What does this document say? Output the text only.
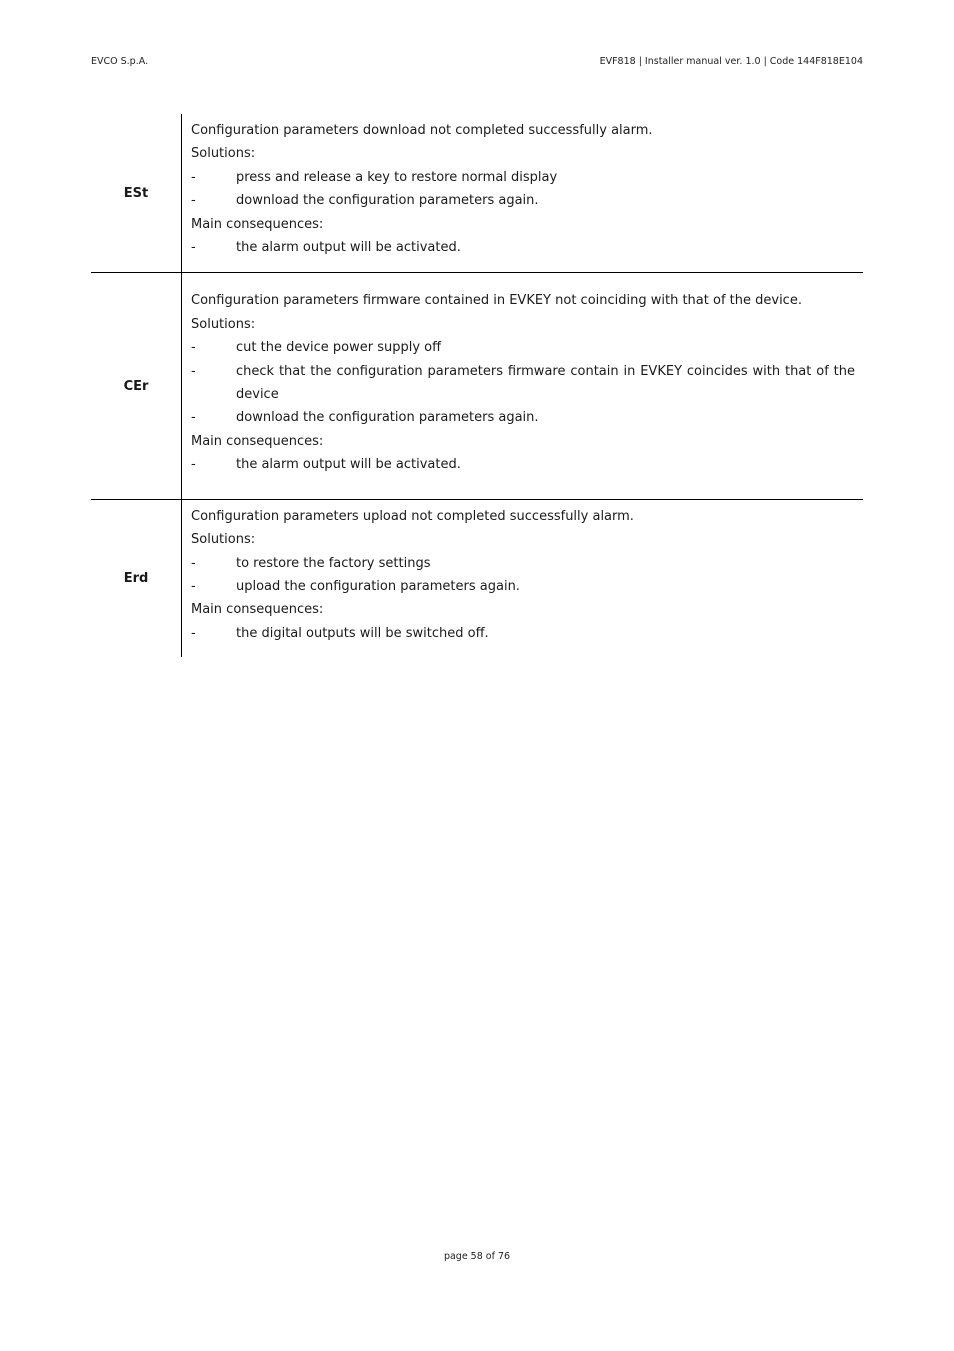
EVCO S.p.A.	EVF818 | Installer manual ver. 1.0 | Code 144F818E104
ESt

Configuration parameters download not completed successfully alarm.

Solutions:

-	press and release a key to restore normal display
-	download the configuration parameters again.

Main consequences:

-	the alarm output will be activated.
CEr

Configuration parameters firmware contained in EVKEY not coinciding with that of the device.

Solutions:

-	cut the device power supply off
-	check that the configuration parameters firmware contain in EVKEY coincides with that of the device
-	download the configuration parameters again.

Main consequences:

-	the alarm output will be activated.
Erd

Configuration parameters upload not completed successfully alarm.

Solutions:

-	to restore the factory settings
-	upload the configuration parameters again.

Main consequences:

-	the digital outputs will be switched off.
page 58 of 76
